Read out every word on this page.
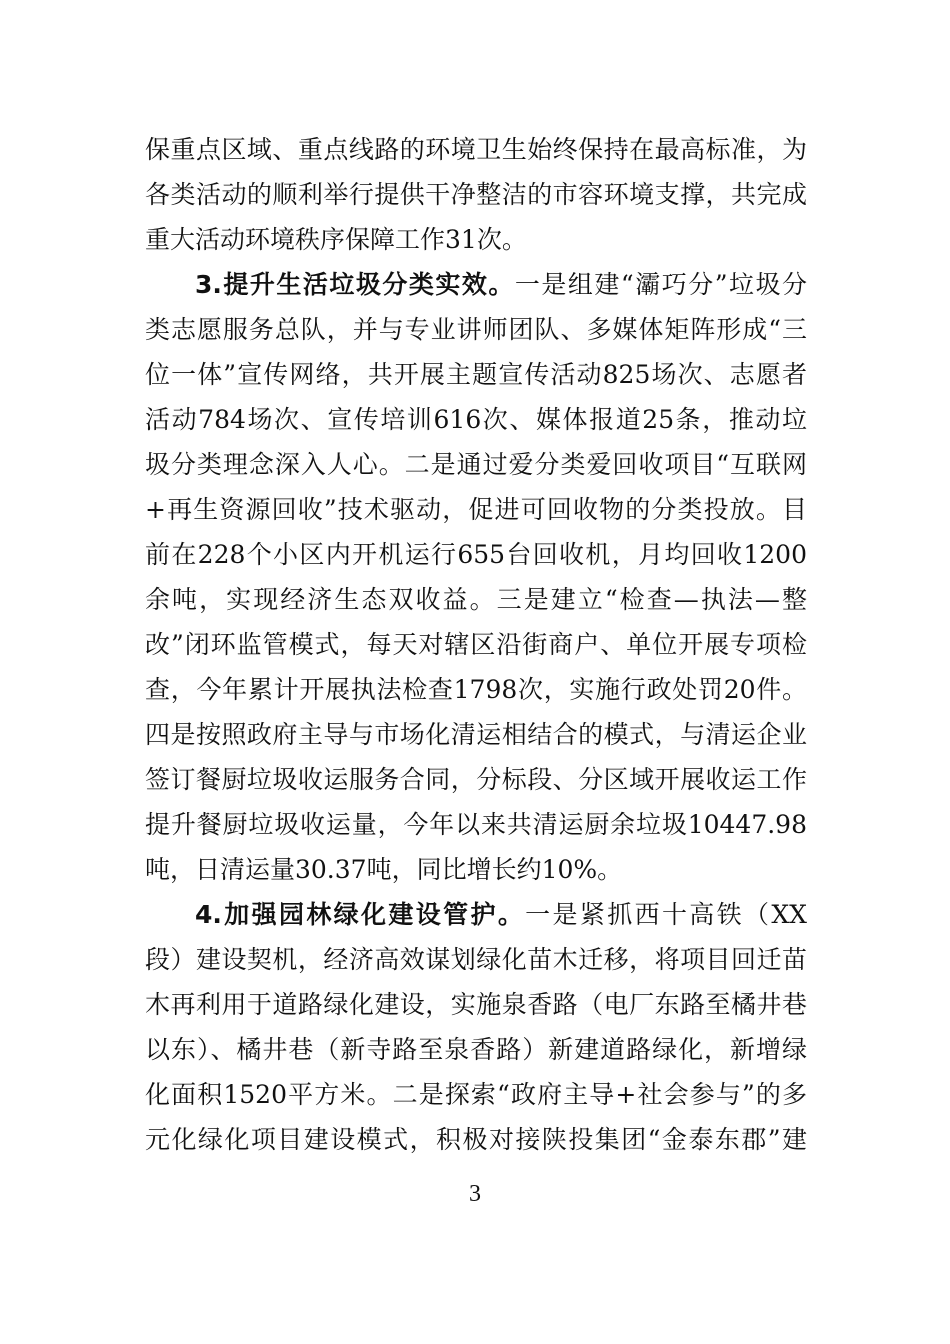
保重点区域、重点线路的环境卫生始终保持在最高标准，为
各类活动的顺利举行提供干净整洁的市容环境支撑，共完成
重大活动环境秩序保障工作31次。
3.提升生活垃圾分类实效。一是组建“灞巧分”垃圾分
类志愿服务总队，并与专业讲师团队、多媒体矩阵形成“三
位一体”宣传网络，共开展主题宣传活动825场次、志愿者
活动784场次、宣传培训616次、媒体报道25条，推动垃
圾分类理念深入人心。二是通过爱分类爱回收项目“互联网
+再生资源回收”技术驱动，促进可回收物的分类投放。目
前在228个小区内开机运行655台回收机，月均回收1200
余吨，实现经济生态双收益。三是建立“检查—执法—整
改”闭环监管模式，每天对辖区沿街商户、单位开展专项检
查，今年累计开展执法检查1798次，实施行政处罚20件。
四是按照政府主导与市场化清运相结合的模式，与清运企业
签订餐厨垃圾收运服务合同，分标段、分区域开展收运工作
提升餐厨垃圾收运量，今年以来共清运厨余垃圾10447.98
吨，日清运量30.37吨，同比增长约10%。
4.加强园林绿化建设管护。一是紧抓西十高铁（XX
段）建设契机，经济高效谋划绿化苗木迁移，将项目回迁苗
木再利用于道路绿化建设，实施泉香路（电厂东路至橘井巷
以东）、橘井巷（新寺路至泉香路）新建道路绿化，新增绿
化面积1520平方米。二是探索“政府主导+社会参与”的多
元化绿化项目建设模式，积极对接陕投集团“金泰东郡”建
3
